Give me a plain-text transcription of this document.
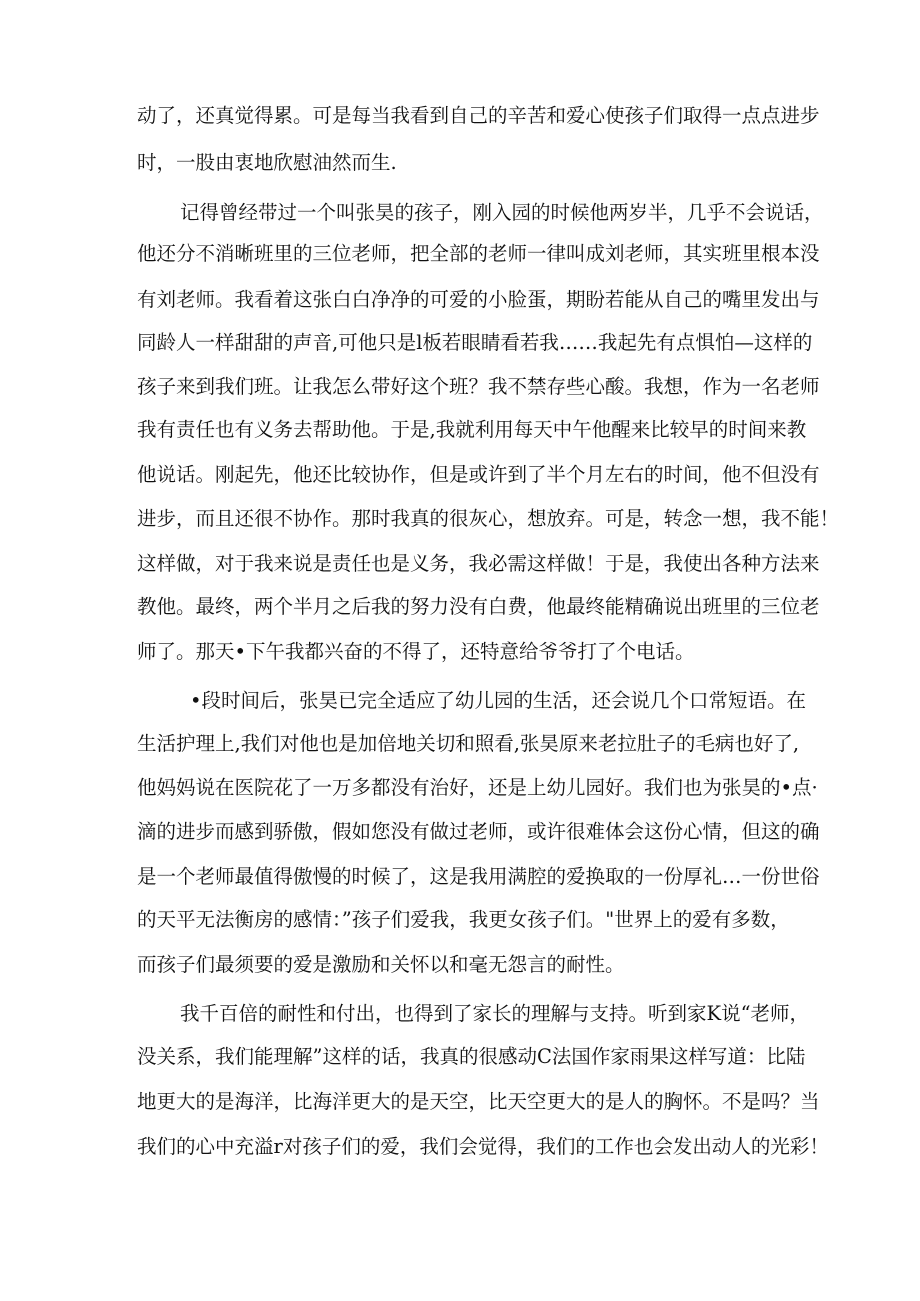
动了，还真觉得累。可是每当我看到自己的辛苦和爱心使孩子们取得一点点进步
时，一股由衷地欣慰油然而生.
记得曾经带过一个叫张昊的孩子，刚入园的时候他两岁半，几乎不会说话，
他还分不消晰班里的三位老师，把全部的老师一律叫成刘老师，其实班里根本没
有刘老师。我看着这张白白净净的可爱的小脸蛋，期盼若能从自己的嘴里发出与
同龄人一样甜甜的声音,可他只是l板若眼睛看若我……我起先有点惧怕—这样的
孩子来到我们班。让我怎么带好这个班？我不禁存些心酸。我想，作为一名老师
我有责任也有义务去帮助他。于是,我就利用每天中午他醒来比较早的时间来教
他说话。刚起先，他还比较协作，但是或许到了半个月左右的时间，他不但没有
进步，而且还很不协作。那时我真的很灰心，想放弃。可是，转念一想，我不能！
这样做，对于我来说是责任也是义务，我必需这样做！于是，我使出各种方法来
教他。最终，两个半月之后我的努力没有白费，他最终能精确说出班里的三位老
师了。那天•下午我都兴奋的不得了，还特意给爷爷打了个电话。
•段时间后，张昊已完全适应了幼儿园的生活，还会说几个口常短语。在
生活护理上,我们对他也是加倍地关切和照看,张昊原来老拉肚子的毛病也好了,
他妈妈说在医院花了一万多都没有治好，还是上幼儿园好。我们也为张昊的•点·
滴的进步而感到骄傲，假如您没有做过老师，或许很难体会这份心情，但这的确
是一个老师最值得傲慢的时候了，这是我用满腔的爱换取的一份厚礼…一份世俗
的天平无法衡房的感情：”孩子们爱我，我更女孩子们。"世界上的爱有多数，
而孩子们最须要的爱是激励和关怀以和毫无怨言的耐性。
我千百倍的耐性和付出，也得到了家长的理解与支持。听到家K说“老师，
没关系，我们能理解”这样的话，我真的很感动C法国作家雨果这样写道：比陆
地更大的是海洋，比海洋更大的是天空，比天空更大的是人的胸怀。不是吗？当
我们的心中充溢r对孩子们的爱，我们会觉得，我们的工作也会发出动人的光彩！
